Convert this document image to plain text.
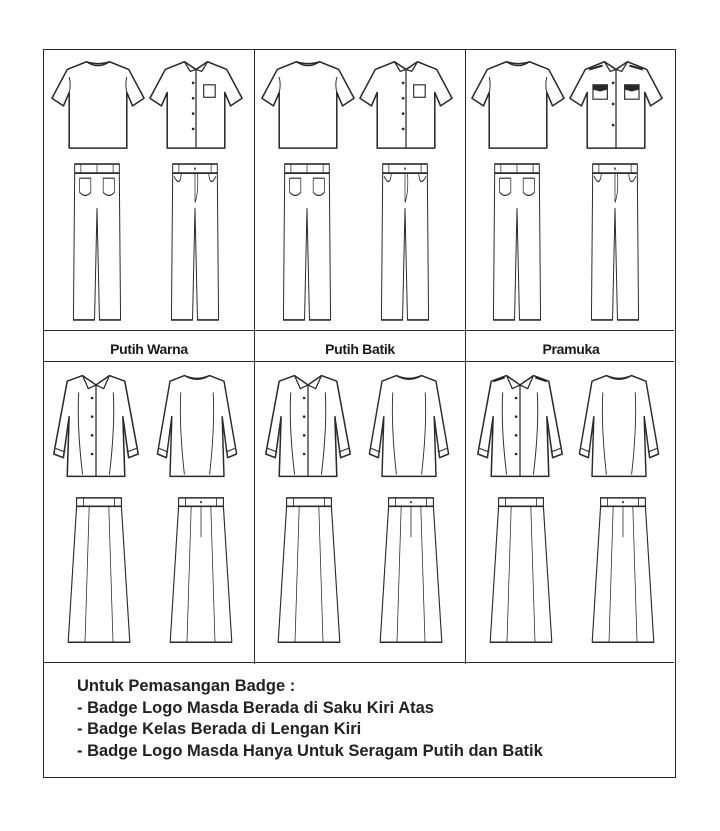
Putih Warna	Putih Batik	Pramuka
Untuk Pemasangan Badge :
- Badge Logo Masda Berada di Saku Kiri Atas
- Badge Kelas Berada di Lengan Kiri
- Badge Logo Masda Hanya Untuk Seragam Putih dan Batik
